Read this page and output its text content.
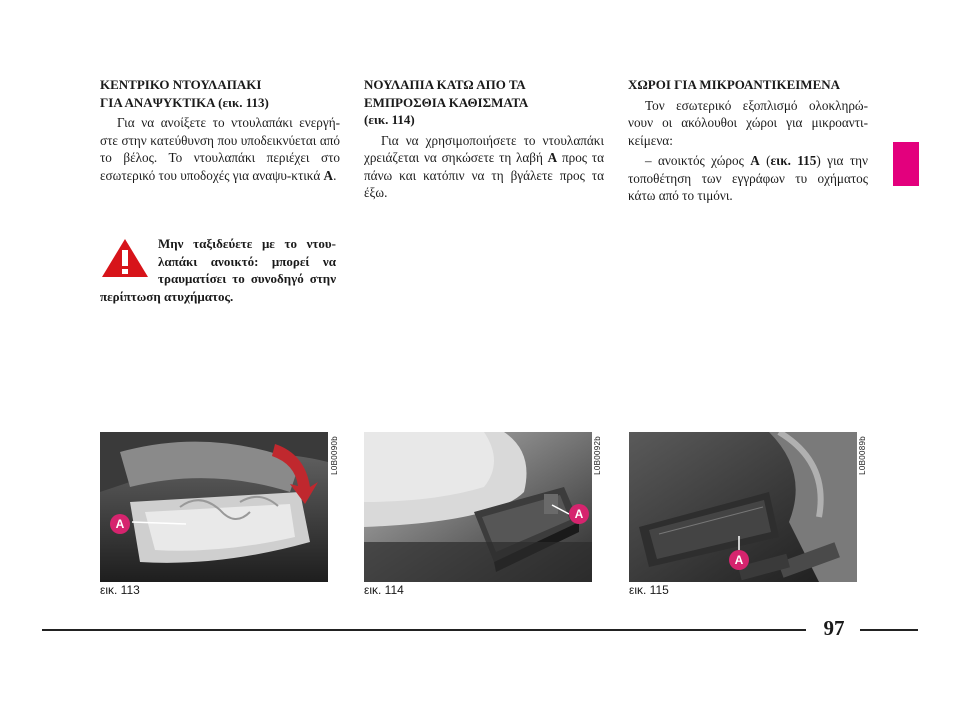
ΚΕΝΤΡΙΚΟ ΝΤΟΥΛΑΠΑΚΙ
ΓΙΑ ΑΝΑΨΥΚΤΙΚΑ (εικ. 113)

Για να ανοίξετε το ντουλαπάκι ενεργή-στε στην κατεύθυνση που υποδεικνύεται από το βέλος. Το ντουλαπάκι περιέχει στο εσωτερικό του υποδοχές για αναψυ-κτικά A.

Μην ταξιδεύετε με το ντου-λαπάκι ανοικτό: μπορεί να τραυματίσει το συνοδηγό στην περίπτωση ατυχήματος.
ΝΟΥΛΑΠΙΑ ΚΑΤΩ ΑΠΟ ΤΑ
ΕΜΠΡΟΣΘΙΑ ΚΑΘΙΣΜΑΤΑ
(εικ. 114)

Για να χρησιμοποιήσετε το ντουλαπάκι χρειάζεται να σηκώσετε τη λαβή A προς τα πάνω και κατόπιν να τη βγάλετε προς τα έξω.

ΧΩΡΟΙ ΓΙΑ ΜΙΚΡΟΑΝΤΙΚΕΙΜΕΝΑ

Τον εσωτερικό εξοπλισμό ολοκληρώ-νουν οι ακόλουθοι χώροι για μικροαντι-κείμενα:

– ανοικτός χώρος A (εικ. 115) για την τοποθέτηση των εγγράφων τυ οχήματος κάτω από το τιμόνι.

A
L0B0090b
εικ. 113
A
L0B0092b
εικ. 114
A
L0B0089b
εικ. 115
97
